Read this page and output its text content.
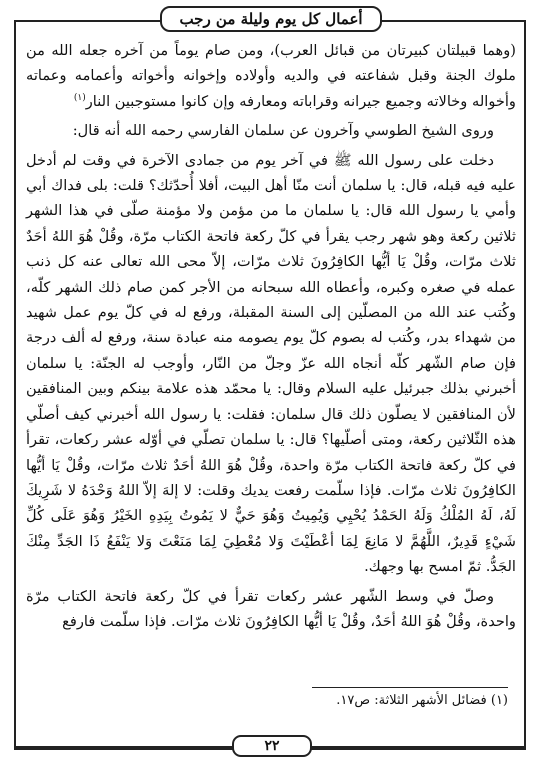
أعمال كل يوم وليلة من رجب

(وهما قبيلتان كبيرتان من قبائل العرب)، ومن صام يوماً من آخره جعله الله من ملوك الجنة وقبل شفاعته في والديه وأولاده وإخوانه وأخواته وأعمامه وعماته وأخواله وخالاته وجميع جيرانه وقراباته ومعارفه وإن كانوا مستوجبين النار$^{(١)}$

وروى الشيخ الطوسي وآخرون عن سلمان الفارسي رحمه الله أنه قال:

دخلت على رسول الله ﷺ في آخر يوم من جمادى الآخرة في وقت لم أدخل عليه فيه قبله، قال: يا سلمان أنت منّا أهل البيت، أفلا أُحدّثك؟ قلت: بلى فداك أبي وأمي يا رسول الله قال: يا سلمان ما من مؤمن ولا مؤمنة صلّى في هذا الشهر ثلاثين ركعة وهو شهر رجب يقرأ في كلّ ركعة فاتحة الكتاب مرّة، وقُلْ هُوَ اللهُ أحَدٌ ثلاث مرّات، وقُلْ يَا أيُّها الكافِرُونَ ثلاث مرّات، إلاّ محى الله تعالى عنه كل ذنب عمله في صغره وكبره، وأعطاه الله سبحانه من الأجر كمن صام ذلك الشهر كلّه، وكُتب عند الله من المصلّين إلى السنة المقبلة، ورفع له في كلّ يوم عمل شهيد من شهداء بدر، وكُتب له بصوم كلّ يوم يصومه منه عبادة سنة، ورفع له ألف درجة فإن صام الشّهر كلّه أنجاه الله عزّ وجلّ من النّار، وأوجب له الجنّة: يا سلمان أخبرني بذلك جبرئيل عليه السلام وقال: يا محمّد هذه علامة بينكم وبين المنافقين لأن المنافقين لا يصلّون ذلك قال سلمان: فقلت: يا رسول الله أخبرني كيف أصلّي هذه الثّلاثين ركعة، ومتى أصلّيها؟ قال: يا سلمان تصلّي في أوّله عشر ركعات، تقرأ في كلّ ركعة فاتحة الكتاب مرّة واحدة، وقُلْ هُوَ اللهُ أحَدٌ ثلاث مرّات، وقُلْ يَا أيُّها الكافِرُونَ ثلاث مرّات. فإذا سلّمت رفعت يديك وقلت: لا إلهَ إلاّ اللهُ وَحْدَهُ لا شَرِيكَ لَهُ، لَهُ المُلْكُ وَلَهُ الحَمْدُ يُحْيِي وَيُمِيتُ وَهُوَ حَيٌّ لا يَمُوتُ بِيَدِهِ الخَيْرُ وَهُوَ عَلَى كُلِّ شَيْءٍ قَدِيرٌ، اللَّهُمَّ لا مَانِعَ لِمَا أعْطَيْتَ وَلا مُعْطِيَ لِمَا مَنَعْتَ وَلا يَنْفَعُ ذَا الجَدِّ مِنْكَ الجَدُّ. ثمّ امسح بها وجهك.

وصلّ في وسط الشّهر عشر ركعات تقرأ في كلّ ركعة فاتحة الكتاب مرّة واحدة، وقُلْ هُوَ اللهُ أحَدٌ، وقُلْ يَا أيُّها الكافِرُونَ ثلاث مرّات. فإذا سلّمت فارفع

(١) فضائل الأشهر الثلاثة: ص١٧.
٢٢
